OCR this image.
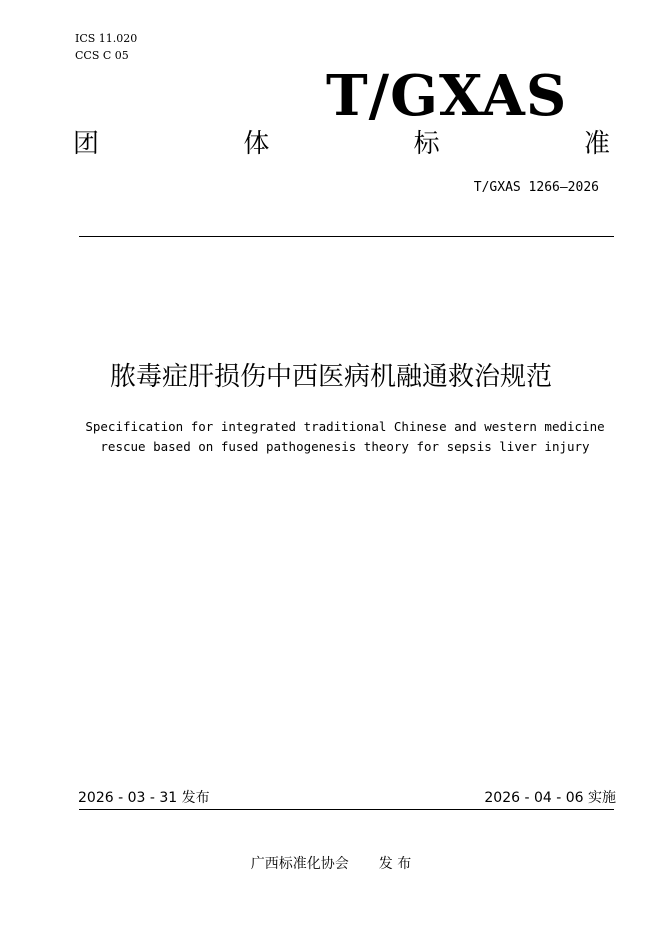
ICS 11.020
CCS C 05
T/GXAS
团	体	标	准
T/GXAS 1266—2026
脓毒症肝损伤中西医病机融通救治规范
Specification for integrated traditional Chinese and western medicine rescue based on fused pathogenesis theory for sepsis liver injury
2026 - 03 - 31 发布	2026 - 04 - 06 实施
广西标准化协会 发 布
